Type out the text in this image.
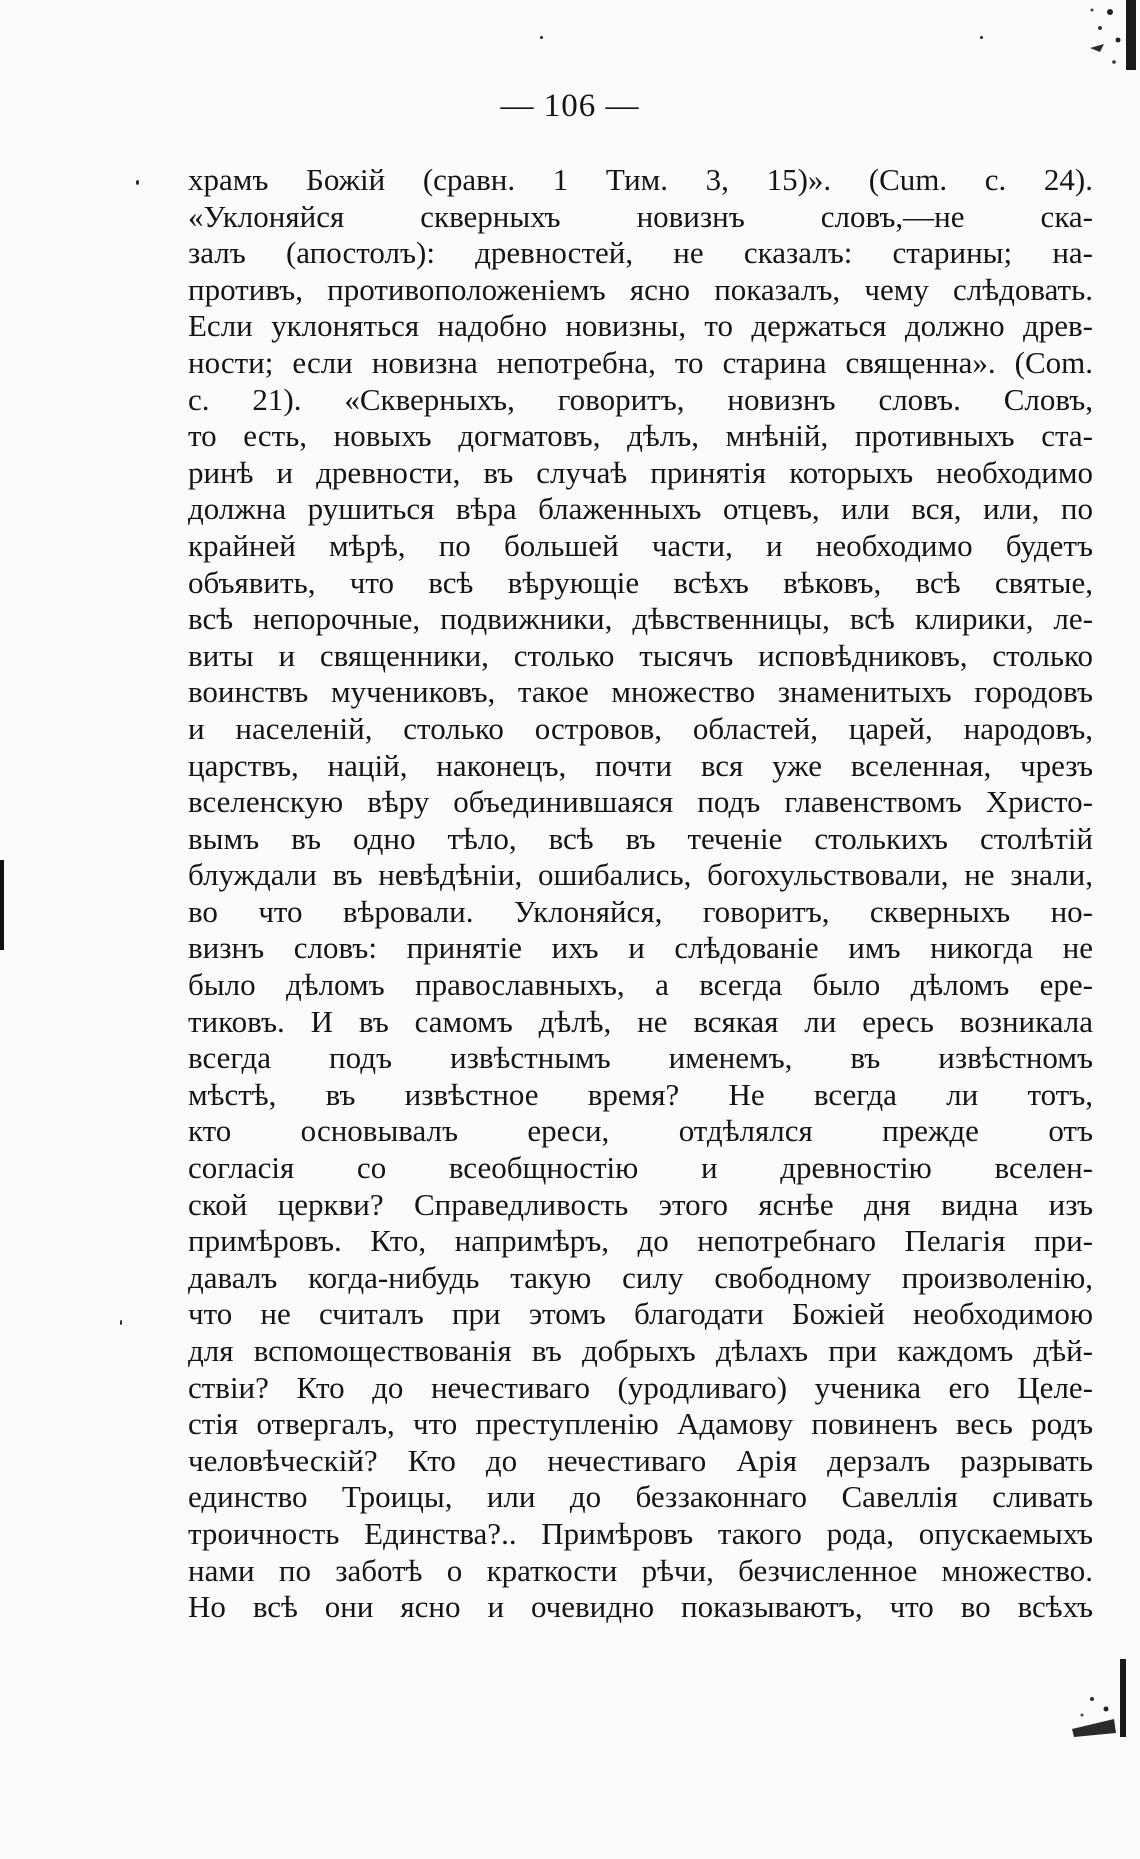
— 106 —
храмъ Божій (сравн. 1 Тим. 3, 15)». (Cum. с. 24).
«Уклоняйся скверныхъ новизнъ словъ,—не ска-
залъ (апостолъ): древностей, не сказалъ: старины; на-
противъ, противоположеніемъ ясно показалъ, чему слѣдовать.
Если уклоняться надобно новизны, то держаться должно древ-
ности; если новизна непотребна, то старина священна». (Com.
с. 21). «Скверныхъ, говоритъ, новизнъ словъ. Словъ,
то есть, новыхъ догматовъ, дѣлъ, мнѣній, противныхъ ста-
ринѣ и древности, въ случаѣ принятія которыхъ необходимо
должна рушиться вѣра блаженныхъ отцевъ, или вся, или, по
крайней мѣрѣ, по большей части, и необходимо будетъ
объявить, что всѣ вѣрующіе всѣхъ вѣковъ, всѣ святые,
всѣ непорочные, подвижники, дѣвственницы, всѣ клирики, ле-
виты и священники, столько тысячъ исповѣдниковъ, столько
воинствъ мучениковъ, такое множество знаменитыхъ городовъ
и населеній, столько островов, областей, царей, народовъ,
царствъ, націй, наконецъ, почти вся уже вселенная, чрезъ
вселенскую вѣру объединившаяся подъ главенствомъ Христо-
вымъ въ одно тѣло, всѣ въ теченіе столькихъ столѣтій
блуждали въ невѣдѣніи, ошибались, богохульствовали, не знали,
во что вѣровали. Уклоняйся, говоритъ, скверныхъ но-
визнъ словъ: принятіе ихъ и слѣдованіе имъ никогда не
было дѣломъ православныхъ, а всегда было дѣломъ ере-
тиковъ. И въ самомъ дѣлѣ, не всякая ли ересь возникала
всегда подъ извѣстнымъ именемъ, въ извѣстномъ
мѣстѣ, въ извѣстное время? Не всегда ли тотъ,
кто основывалъ ереси, отдѣлялся прежде отъ
согласія со всеобщностію и древностію вселен-
ской церкви? Справедливость этого яснѣе дня видна изъ
примѣровъ. Кто, напримѣръ, до непотребнаго Пелагія при-
давалъ когда-нибудь такую силу свободному произволенію,
что не считалъ при этомъ благодати Божіей необходимою
для вспомоществованія въ добрыхъ дѣлахъ при каждомъ дѣй-
ствіи? Кто до нечестиваго (уродливаго) ученика его Целе-
стія отвергалъ, что преступленію Адамову повиненъ весь родъ
человѣческій? Кто до нечестиваго Арія дерзалъ разрывать
единство Троицы, или до беззаконнаго Савеллія сливать
троичность Единства?.. Примѣровъ такого рода, опускаемыхъ
нами по заботѣ о краткости рѣчи, безчисленное множество.
Но всѣ они ясно и очевидно показываютъ, что во всѣхъ
